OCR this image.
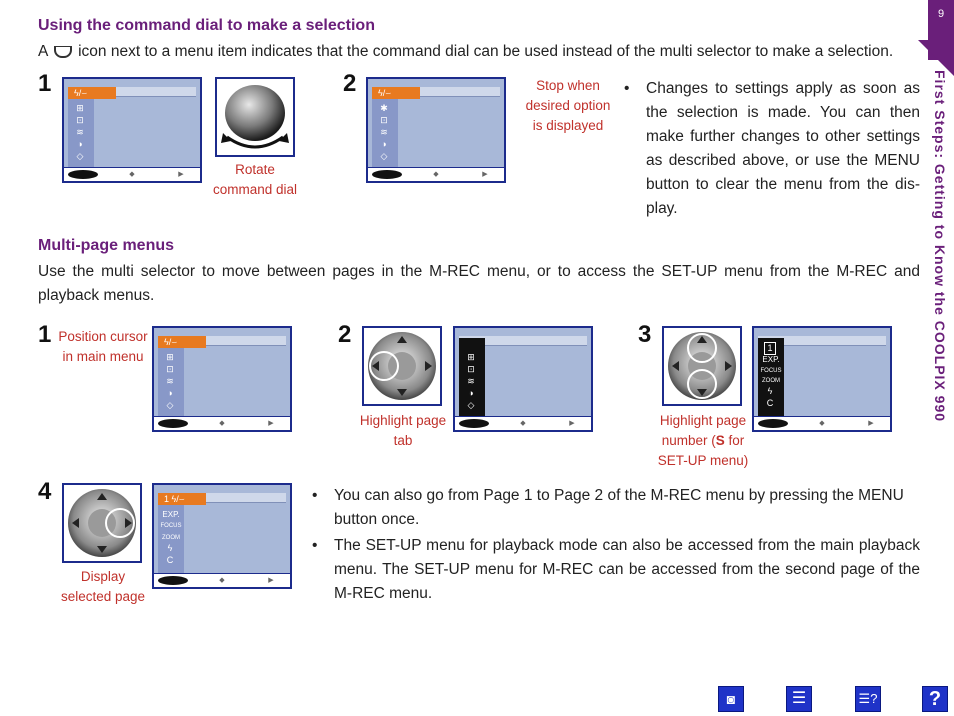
9
First Steps: Getting to Know the COOLPIX 990
Using the command dial to make a selection
A icon next to a menu item indicates that the command dial can be used instead of the multi selector to make a selection.
1	ϟ/⌣
⊞
⊡
≋
◑
◇
◆	▶	Rotate command dial
2	ϟ/⌣
✱
⊡
≋
◑
◇
◆	▶
Stop when desired option is displayed
• Changes to settings apply as soon as the selection is made. You can then make further changes to other settings as described above, or use the MENU button to clear the menu from the dis- play.
Multi-page menus
Use the multi selector to move between pages in the M-REC menu, or to access the SET-UP menu from the M-REC and playback menus.
1 Position cursor in main menu
ϟ/⌣
⊞
⊡
≋
◑
◇
◆	▶
2
Highlight page tab
⊞
⊡
≋
◑
◇
◆	▶
3
Highlight page number (S for SET-UP menu)
1
EXP.
FOCUS
ZOOM
ϟ
C
◆	▶
4
Display selected page
1 ϟ/⌣
EXP.
FOCUS
ZOOM
ϟ
C
◆	▶
• You can also go from Page 1 to Page 2 of the M-REC menu by pressing the MENU button once.
• The SET-UP menu for playback mode can also be accessed from the main playback menu. The SET-UP menu for M-REC can be accessed from the second page of the M-REC menu.
◙	☰	☰?	?
